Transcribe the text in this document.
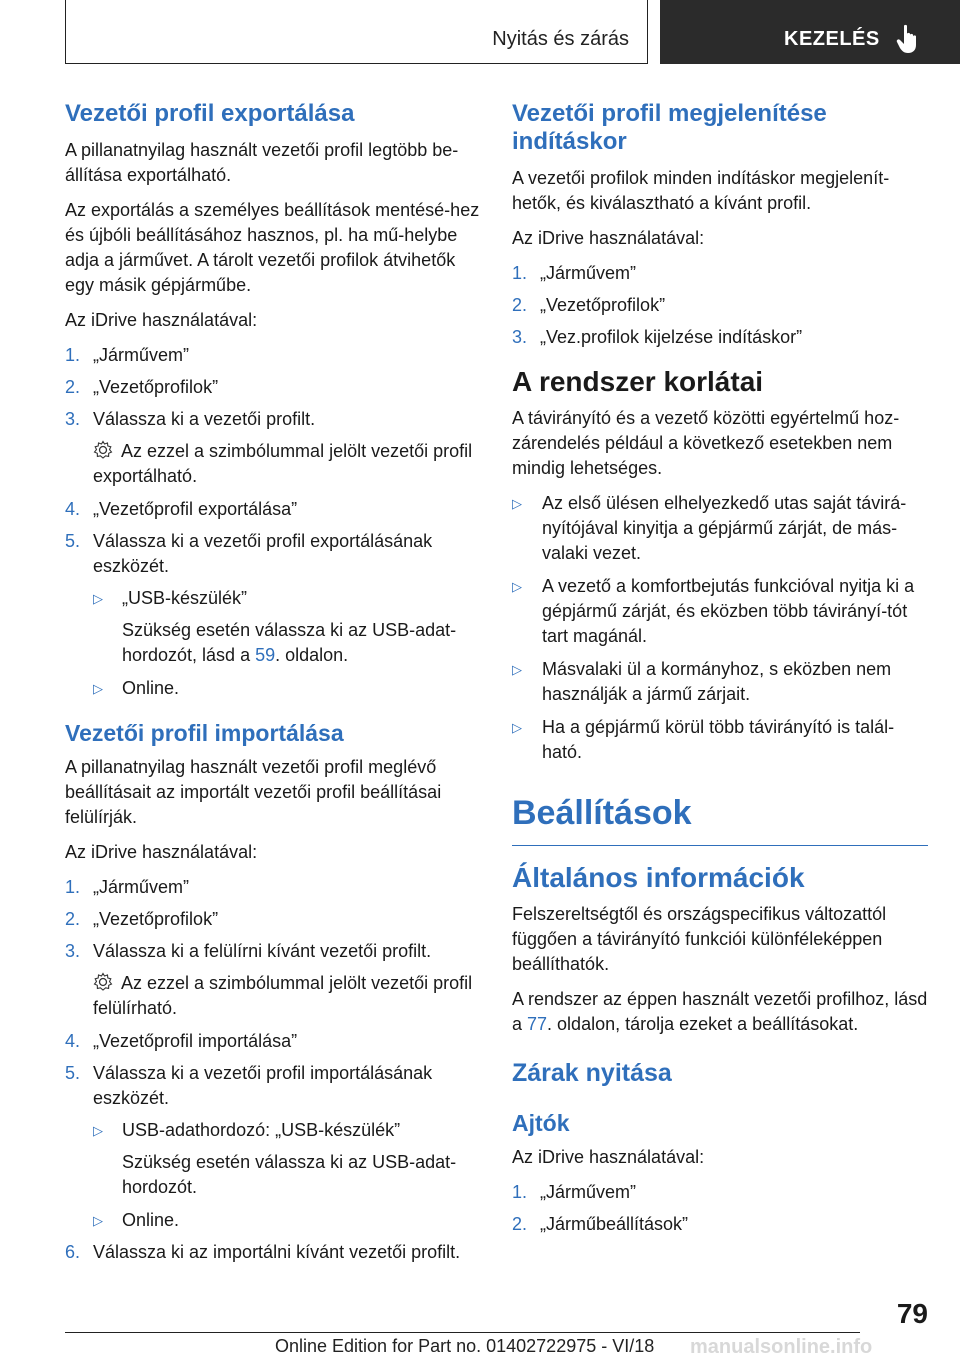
Nyitás és zárás	KEZELÉS
Vezetői profil exportálása

A pillanatnyilag használt vezetői profil legtöbb be-állítása exportálható.

Az exportálás a személyes beállítások mentésé-hez és újbóli beállításához hasznos, pl. ha mű-helybe adja a járművet. A tárolt vezetői profilok átvihetők egy másik gépjárműbe.

Az iDrive használatával:

1. „Járművem”
2. „Vezetőprofilok”
3. Válassza ki a vezetői profilt.
Az ezzel a szimbólummal jelölt vezetői profil exportálható.
4. „Vezetőprofil exportálása”
5. Válassza ki a vezetői profil exportálásának eszközét.
▷ „USB-készülék”
Szükség esetén válassza ki az USB-adat-hordozót, lásd a 59. oldalon.
▷ Online.
Vezetői profil importálása

A pillanatnyilag használt vezetői profil meglévő beállításait az importált vezetői profil beállításai felülírják.

Az iDrive használatával:

1. „Járművem”
2. „Vezetőprofilok”
3. Válassza ki a felülírni kívánt vezetői profilt.
Az ezzel a szimbólummal jelölt vezetői profil felülírható.
4. „Vezetőprofil importálása”
5. Válassza ki a vezetői profil importálásának eszközét.
▷ USB-adathordozó: „USB-készülék”
Szükség esetén válassza ki az USB-adat-hordozót.
▷ Online.
6. Válassza ki az importálni kívánt vezetői profilt.
Vezetői profil megjelenítése indításkor

A vezetői profilok minden indításkor megjelenít-hetők, és kiválasztható a kívánt profil.

Az iDrive használatával:

1. „Járművem”
2. „Vezetőprofilok”
3. „Vez.profilok kijelzése indításkor”
A rendszer korlátai

A távirányító és a vezető közötti egyértelmű hoz-zárendelés például a következő esetekben nem mindig lehetséges.

▷ Az első ülésen elhelyezkedő utas saját távirá-nyítójával kinyitja a gépjármű zárját, de más-valaki vezet.
▷ A vezető a komfortbejutás funkcióval nyitja ki a gépjármű zárját, és eközben több távirányí-tót tart magánál.
▷ Másvalaki ül a kormányhoz, s eközben nem használják a jármű zárjait.
▷ Ha a gépjármű körül több távirányító is talál-ható.
Beállítások
Általános információk

Felszereltségtől és országspecifikus változattól függően a távirányító funkciói különféleképpen beállíthatók.

A rendszer az éppen használt vezetői profilhoz, lásd a 77. oldalon, tárolja ezeket a beállításokat.

Zárak nyitása
Ajtók

Az iDrive használatával:

1. „Járművem”
2. „Járműbeállítások”
79
Online Edition for Part no. 01402722975 - VI/18 manualsonline.info
